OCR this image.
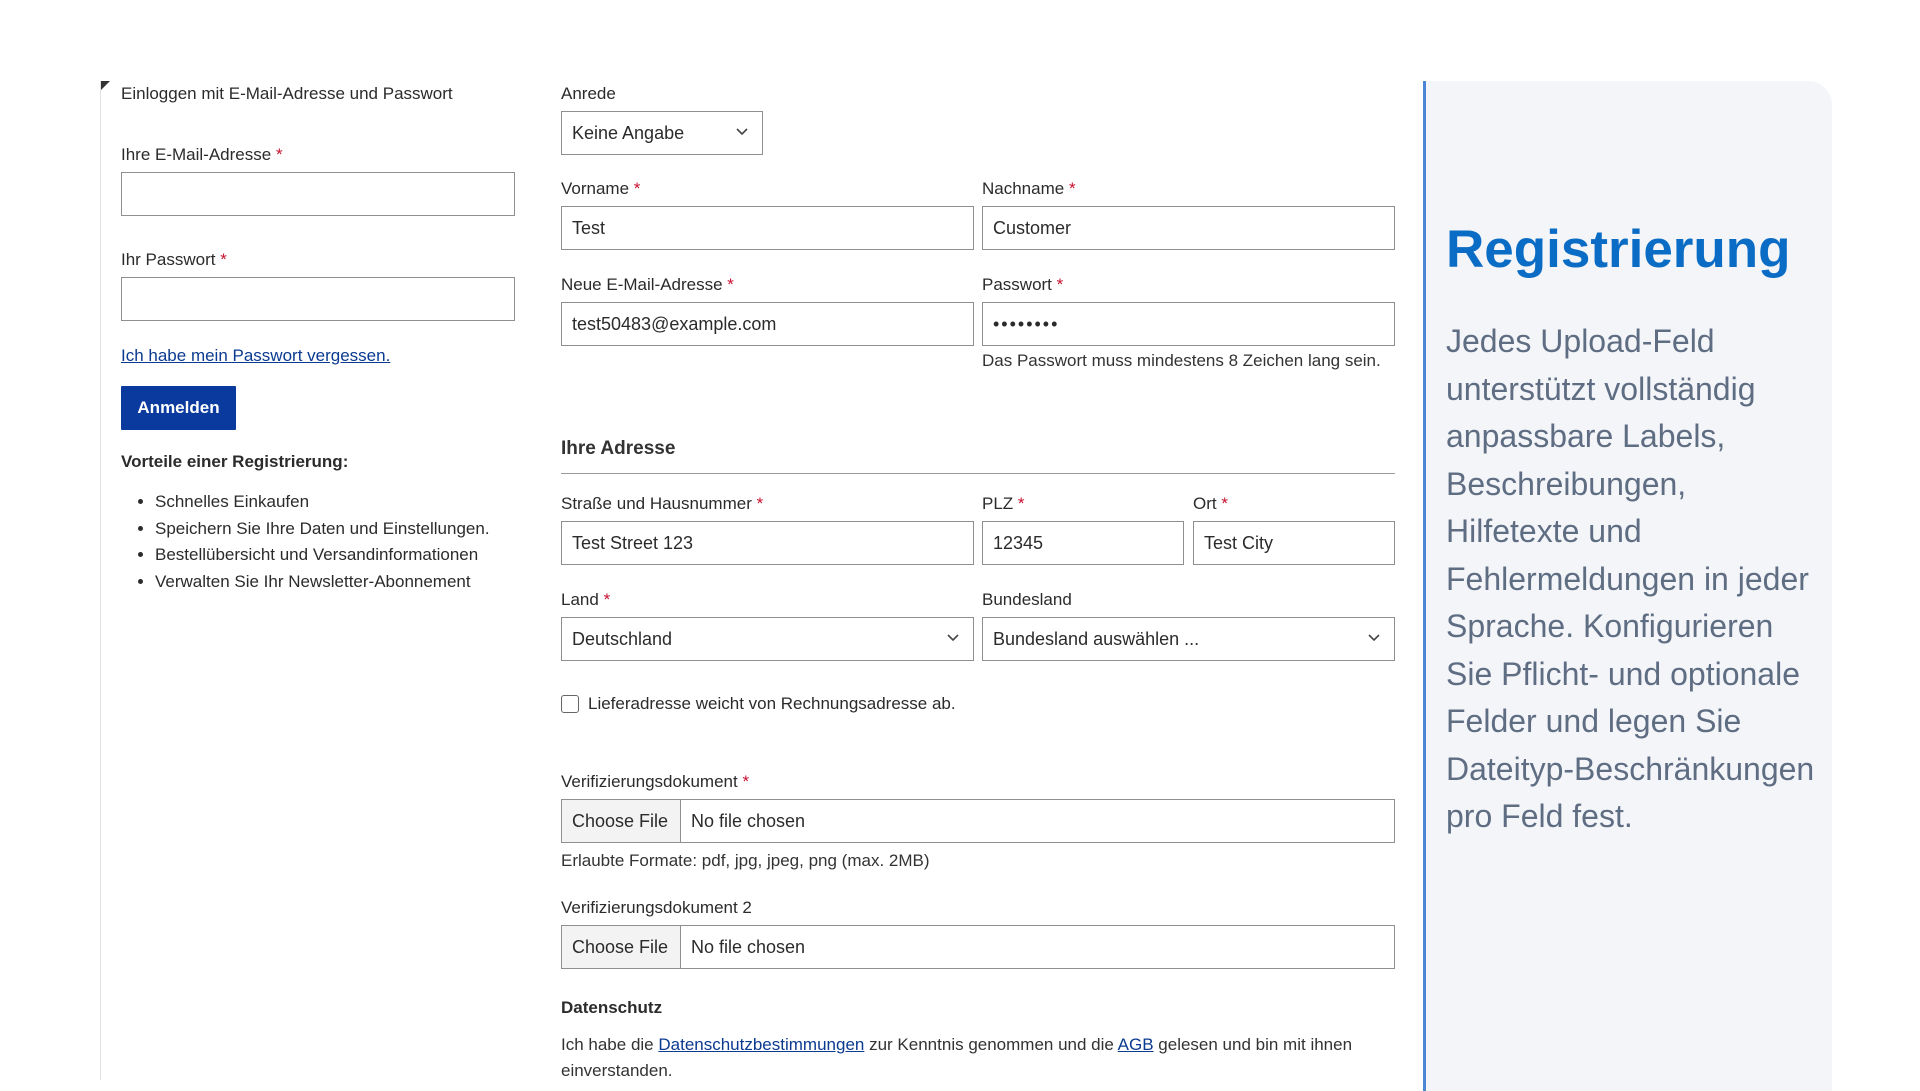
Einloggen mit E-Mail-Adresse und Passwort
Ihre E-Mail-Adresse *
Ihr Passwort *
Ich habe mein Passwort vergessen.
Anmelden
Vorteile einer Registrierung:
• Schnelles Einkaufen
• Speichern Sie Ihre Daten und Einstellungen.
• Bestellübersicht und Versandinformationen
• Verwalten Sie Ihr Newsletter-Abonnement
Anrede
Keine Angabe
Vorname *
Test
Nachname *
Customer
Neue E-Mail-Adresse *
test50483@example.com
Passwort *
••••••••
Das Passwort muss mindestens 8 Zeichen lang sein.
Ihre Adresse
Straße und Hausnummer *
Test Street 123
PLZ *
12345
Ort *
Test City
Land *
Deutschland
Bundesland
Bundesland auswählen ...
Lieferadresse weicht von Rechnungsadresse ab.
Verifizierungsdokument *
Choose File	No file chosen
Erlaubte Formate: pdf, jpg, jpeg, png (max. 2MB)
Verifizierungsdokument 2
Choose File	No file chosen
Datenschutz
Ich habe die Datenschutzbestimmungen zur Kenntnis genommen und die AGB gelesen und bin mit ihnen einverstanden.
Registrierung
Jedes Upload-Feld unterstützt vollständig anpassbare Labels, Beschreibungen, Hilfetexte und Fehlermeldungen in jeder Sprache. Konfigurieren Sie Pflicht- und optionale Felder und legen Sie Dateityp-Beschränkungen pro Feld fest.
